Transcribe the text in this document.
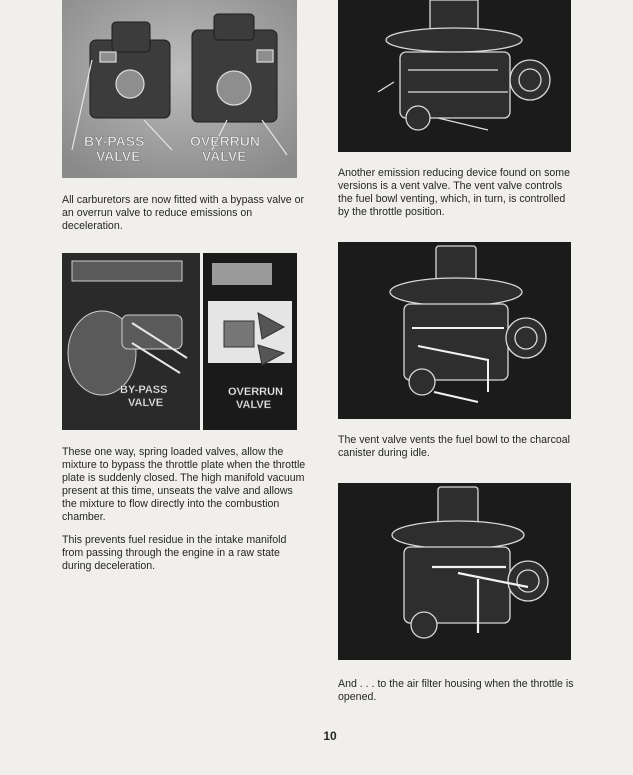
BY-PASS
VALVE
OVERRUN
VALVE

All carburetors are now fitted with a bypass valve or an overrun valve to reduce emissions on deceleration.

BY-PASS
VALVE
OVERRUN
VALVE

These one way, spring loaded valves, allow the mixture to bypass the throttle plate when the throttle plate is suddenly closed. The high manifold vacuum present at this time, unseats the valve and allows the mixture to flow directly into the combustion chamber.

This prevents fuel residue in the intake manifold from passing through the engine in a raw state during deceleration.

Another emission reducing device found on some versions is a vent valve. The vent valve controls the fuel bowl venting, which, in turn, is controlled by the throttle position.

The vent valve vents the fuel bowl to the charcoal canister during idle.

And . . . to the air filter housing when the throttle is opened.

10
